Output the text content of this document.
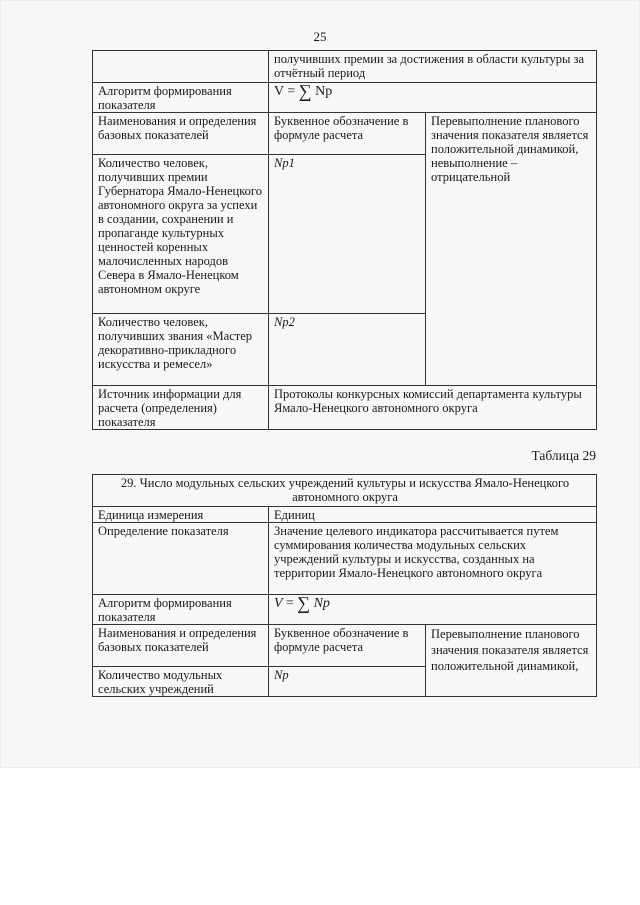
25
	получивших премии за достижения в области культуры за отчётный период	
Алгоритм формирования показателя	V = ∑ Np	
Наименования и определения базовых показателей	Буквенное обозначение в формуле расчета	Перевыполнение планового значения показателя является положительной динамикой, невыполнение – отрицательной
Количество человек, получивших премии Губернатора Ямало-Ненецкого автономного округа за успехи в создании, сохранении и пропаганде культурных ценностей коренных малочисленных народов Севера в Ямало-Ненецком автономном округе	Np1	
Количество человек, получивших звания «Мастер декоративно-прикладного искусства и ремесел»	Np2	
Источник информации для расчета (определения) показателя	Протоколы конкурсных комиссий департамента культуры Ямало-Ненецкого автономного округа	
Таблица 29
29. Число модульных сельских учреждений культуры и искусства Ямало-Ненецкого автономного округа		
Единица измерения	Единиц	
Определение показателя	Значение целевого индикатора рассчитывается путем суммирования количества модульных сельских учреждений культуры и искусства, созданных на территории Ямало-Ненецкого автономного округа	
Алгоритм формирования показателя	V = ∑ Np	
Наименования и определения базовых показателей	Буквенное обозначение в формуле расчета	Перевыполнение планового значения показателя является положительной динамикой,
Количество модульных сельских учреждений	Np	
